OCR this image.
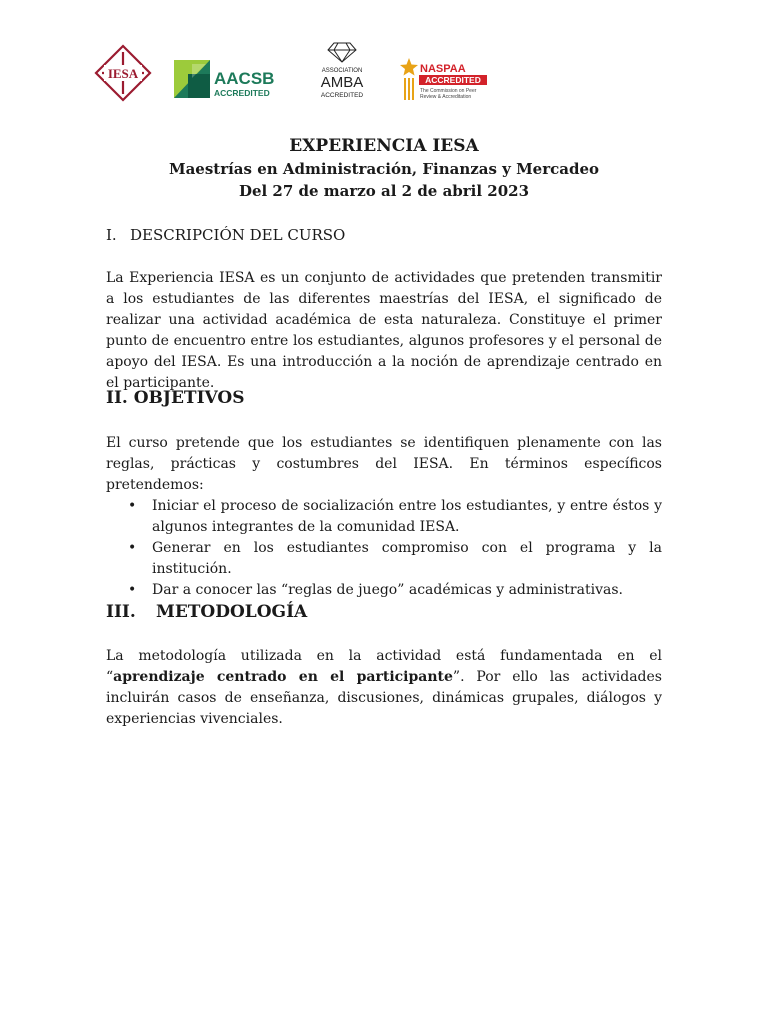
IESA	AACSB
ACCREDITED
ASSOCIATION
AMBA
ACCREDITED
NASPAA
ACCREDITED
The Commission on Peer
Review & Accreditation

EXPERIENCIA IESA

Maestrías en Administración, Finanzas y Mercadeo

Del 27 de marzo al 2 de abril 2023

I. DESCRIPCIÓN DEL CURSO

La Experiencia IESA es un conjunto de actividades que pretenden transmitir a los estudiantes de las diferentes maestrías del IESA, el significado de realizar una actividad académica de esta naturaleza. Constituye el primer punto de encuentro entre los estudiantes, algunos profesores y el personal de apoyo del IESA. Es una introducción a la noción de aprendizaje centrado en el participante.

II. OBJETIVOS

El curso pretende que los estudiantes se identifiquen plenamente con las reglas, prácticas y costumbres del IESA. En términos específicos pretendemos:

• Iniciar el proceso de socialización entre los estudiantes, y entre éstos y algunos integrantes de la comunidad IESA.
• Generar en los estudiantes compromiso con el programa y la institución.
• Dar a conocer las “reglas de juego” académicas y administrativas.
III. METODOLOGÍA

La metodología utilizada en la actividad está fundamentada en el “aprendizaje centrado en el participante”. Por ello las actividades incluirán casos de enseñanza, discusiones, dinámicas grupales, diálogos y experiencias vivenciales.
